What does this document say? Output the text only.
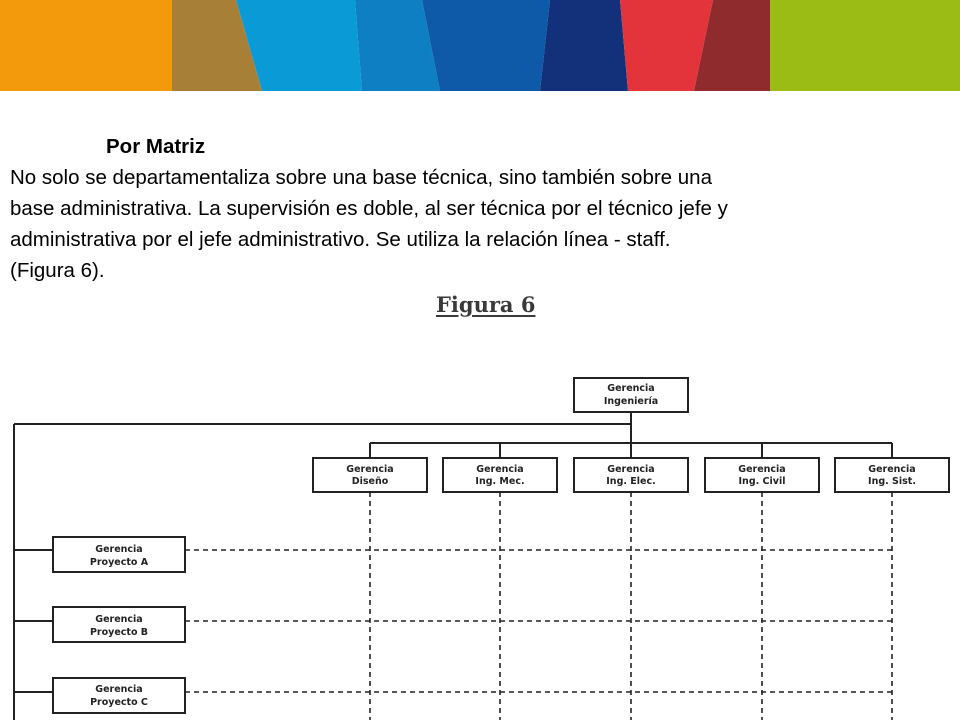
Por Matriz
No solo se departamentaliza sobre una base técnica, sino también sobre una
base administrativa. La supervisión es doble, al ser técnica por el técnico jefe y
administrativa por el jefe administrativo. Se utiliza la relación línea - staff.
(Figura 6).
Figura 6
Gerencia
Ingeniería
Gerencia
Diseño
Gerencia
Ing. Mec.
Gerencia
Ing. Elec.
Gerencia
Ing. Civil
Gerencia
Ing. Sist.
Gerencia
Proyecto A
Gerencia
Proyecto B
Gerencia
Proyecto C
